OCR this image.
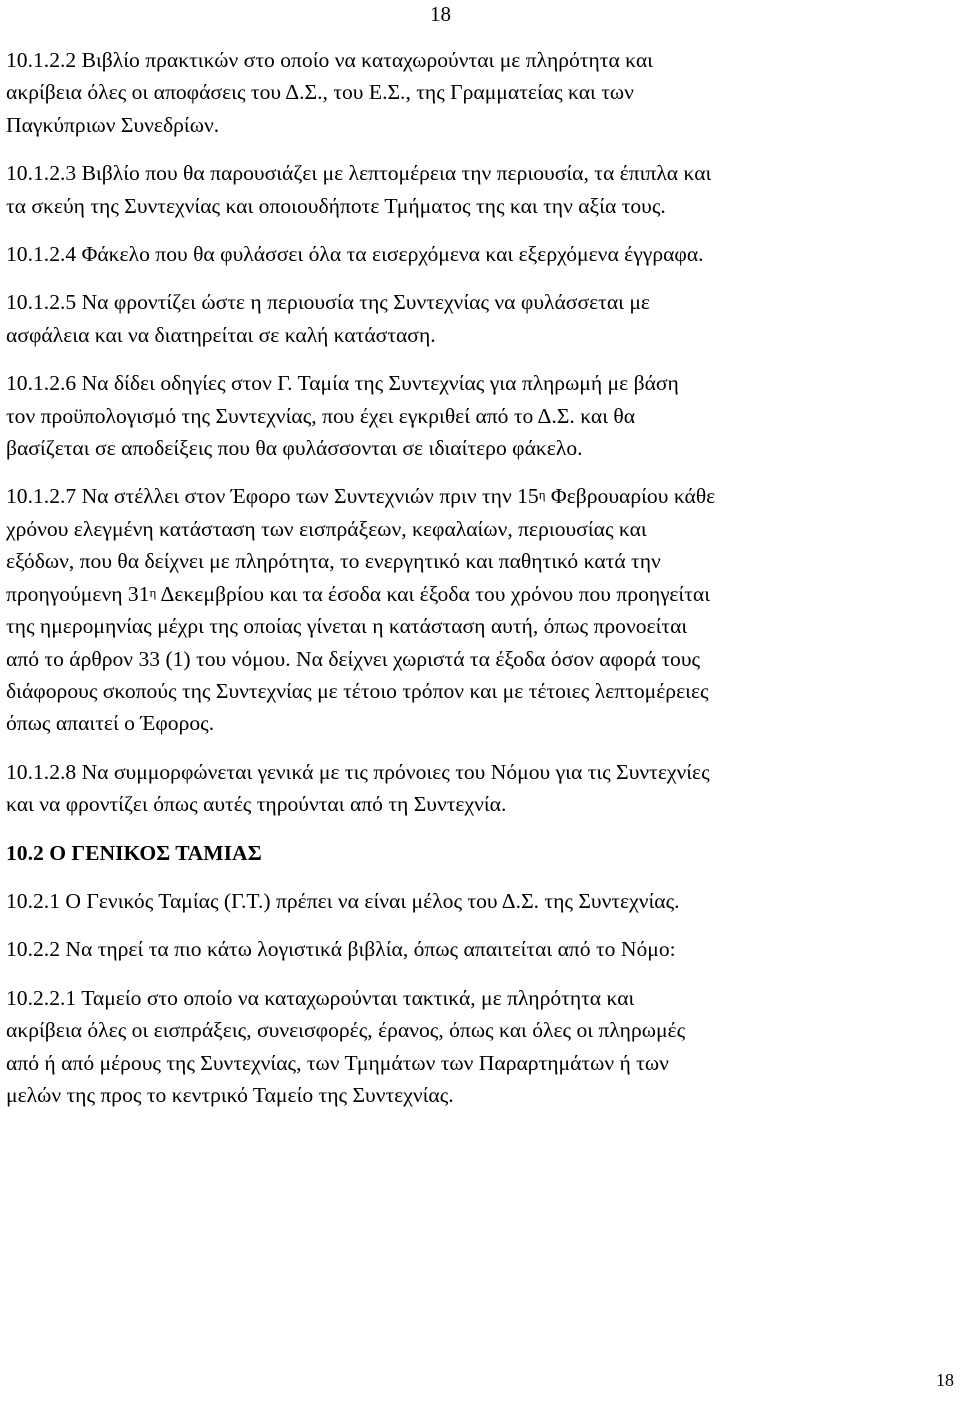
18

10.1.2.2 Βιβλίο πρακτικών στο οποίο να καταχωρούνται με πληρότητα και
ακρίβεια όλες οι αποφάσεις του Δ.Σ., του Ε.Σ., της Γραμματείας και των
Παγκύπριων Συνεδρίων.

10.1.2.3 Βιβλίο που θα παρουσιάζει με λεπτομέρεια την περιουσία, τα έπιπλα και
τα σκεύη της Συντεχνίας και οποιουδήποτε Τμήματος της και την αξία τους.

10.1.2.4 Φάκελο που θα φυλάσσει όλα τα εισερχόμενα και εξερχόμενα έγγραφα.

10.1.2.5 Να φροντίζει ώστε η περιουσία της Συντεχνίας να φυλάσσεται με
ασφάλεια και να διατηρείται σε καλή κατάσταση.

10.1.2.6 Να δίδει οδηγίες στον Γ. Ταμία της Συντεχνίας για πληρωμή με βάση
τον προϋπολογισμό της Συντεχνίας, που έχει εγκριθεί από το Δ.Σ. και θα
βασίζεται σε αποδείξεις που θα φυλάσσονται σε ιδιαίτερο φάκελο.

10.1.2.7 Να στέλλει στον Έφορο των Συντεχνιών πριν την $15^\eta$ Φεβρουαρίου κάθε
χρόνου ελεγμένη κατάσταση των εισπράξεων, κεφαλαίων, περιουσίας και
εξόδων, που θα δείχνει με πληρότητα, το ενεργητικό και παθητικό κατά την
προηγούμενη $31^\eta$ Δεκεμβρίου και τα έσοδα και έξοδα του χρόνου που προηγείται
της ημερομηνίας μέχρι της οποίας γίνεται η κατάσταση αυτή, όπως προνοείται
από το άρθρον 33 (1) του νόμου. Να δείχνει χωριστά τα έξοδα όσον αφορά τους
διάφορους σκοπούς της Συντεχνίας με τέτοιο τρόπον και με τέτοιες λεπτομέρειες
όπως απαιτεί ο Έφορος.

10.1.2.8 Να συμμορφώνεται γενικά με τις πρόνοιες του Νόμου για τις Συντεχνίες
και να φροντίζει όπως αυτές τηρούνται από τη Συντεχνία.

10.2 Ο ΓΕΝΙΚΟΣ ΤΑΜΙΑΣ

10.2.1 Ο Γενικός Ταμίας (Γ.Τ.) πρέπει να είναι μέλος του Δ.Σ. της Συντεχνίας.

10.2.2 Να τηρεί τα πιο κάτω λογιστικά βιβλία, όπως απαιτείται από το Νόμο:

10.2.2.1 Ταμείο στο οποίο να καταχωρούνται τακτικά, με πληρότητα και
ακρίβεια όλες οι εισπράξεις, συνεισφορές, έρανος, όπως και όλες οι πληρωμές
από ή από μέρους της Συντεχνίας, των Τμημάτων των Παραρτημάτων ή των
μελών της προς το κεντρικό Ταμείο της Συντεχνίας.

18
